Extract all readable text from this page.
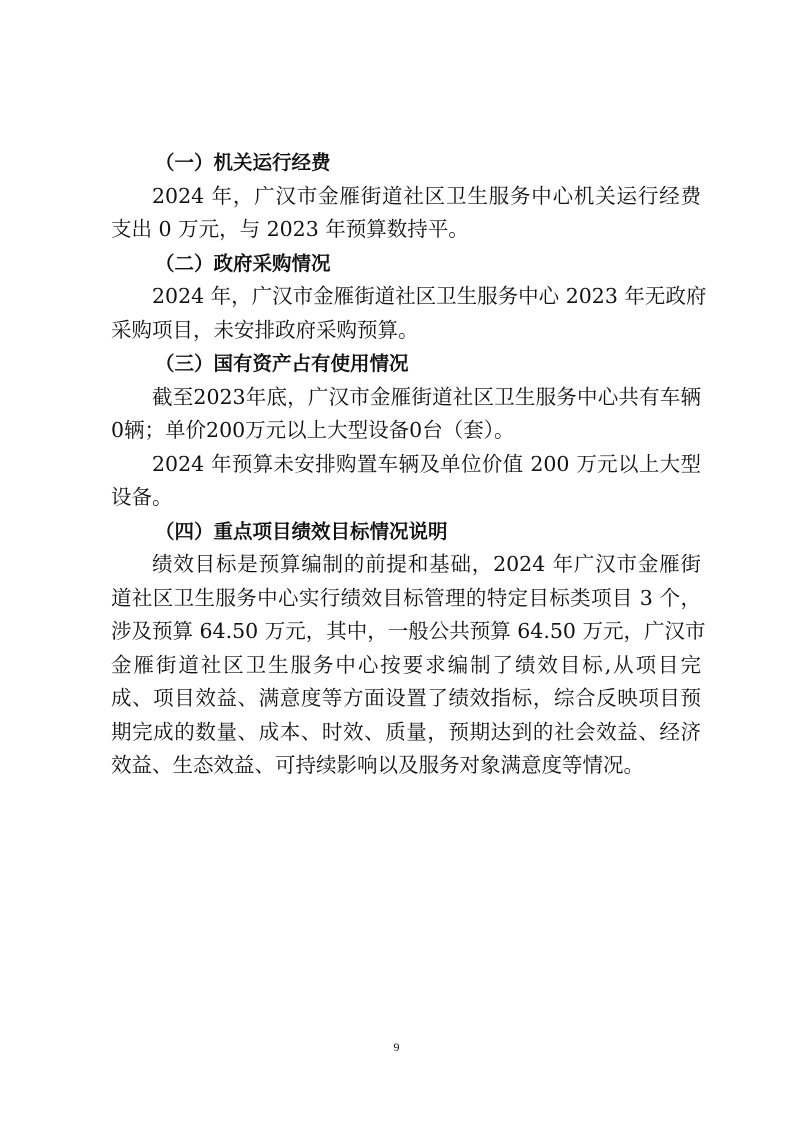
（一）机关运行经费
2024 年，广汉市金雁街道社区卫生服务中心机关运行经费
支出 0 万元，与 2023 年预算数持平。
（二）政府采购情况
2024 年，广汉市金雁街道社区卫生服务中心 2023 年无政府
采购项目，未安排政府采购预算。
（三）国有资产占有使用情况
截至2023年底，广汉市金雁街道社区卫生服务中心共有车辆
0辆；单价200万元以上大型设备0台（套）。
2024 年预算未安排购置车辆及单位价值 200 万元以上大型
设备。
（四）重点项目绩效目标情况说明
绩效目标是预算编制的前提和基础，2024 年广汉市金雁街
道社区卫生服务中心实行绩效目标管理的特定目标类项目 3 个，
涉及预算 64.50 万元，其中，一般公共预算 64.50 万元，广汉市
金雁街道社区卫生服务中心按要求编制了绩效目标,从项目完
成、项目效益、满意度等方面设置了绩效指标，综合反映项目预
期完成的数量、成本、时效、质量，预期达到的社会效益、经济
效益、生态效益、可持续影响以及服务对象满意度等情况。
9
